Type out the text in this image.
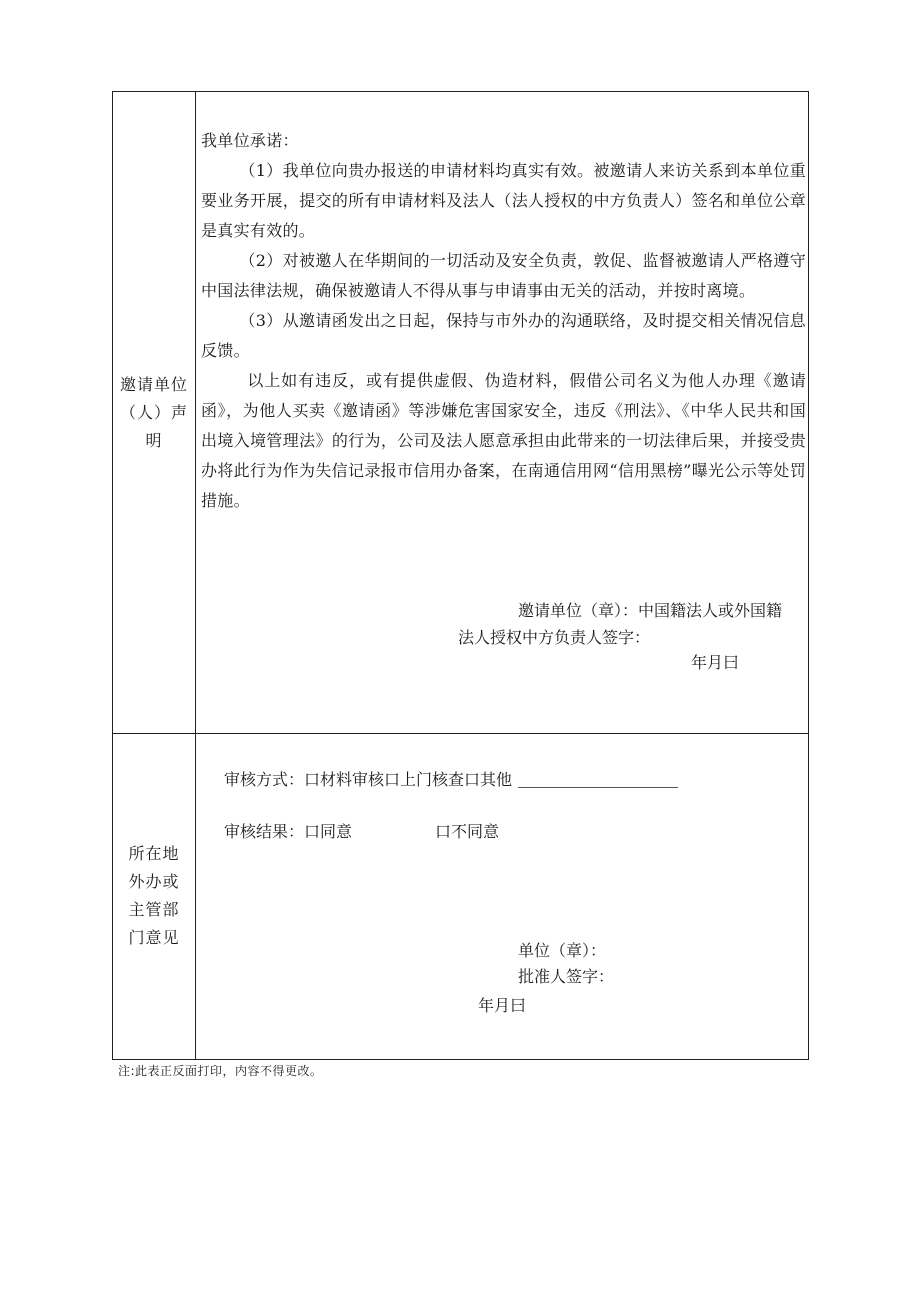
邀请单位（人）声明

我单位承诺：

（1）我单位向贵办报送的申请材料均真实有效。被邀请人来访关系到本单位重要业务开展，提交的所有申请材料及法人（法人授权的中方负责人）签名和单位公章是真实有效的。

（2）对被邀人在华期间的一切活动及安全负责，敦促、监督被邀请人严格遵守中国法律法规，确保被邀请人不得从事与申请事由无关的活动，并按时离境。

（3）从邀请函发出之日起，保持与市外办的沟通联络，及时提交相关情况信息反馈。

以上如有违反，或有提供虚假、伪造材料，假借公司名义为他人办理《邀请函》，为他人买卖《邀请函》等涉嫌危害国家安全，违反《刑法》、《中华人民共和国出境入境管理法》的行为，公司及法人愿意承担由此带来的一切法律后果，并接受贵办将此行为作为失信记录报市信用办备案，在南通信用网“信用黑榜”曝光公示等处罚措施。

邀请单位（章）：中国籍法人或外国籍
法人授权中方负责人签字：
年月曰
所在地外办或主管部门意见
审核方式：口材料审核口上门核查口其他
审核结果：口同意	口不同意
单位（章）：
批准人签字：
年月曰
注:此表正反面打印，内容不得更改。
